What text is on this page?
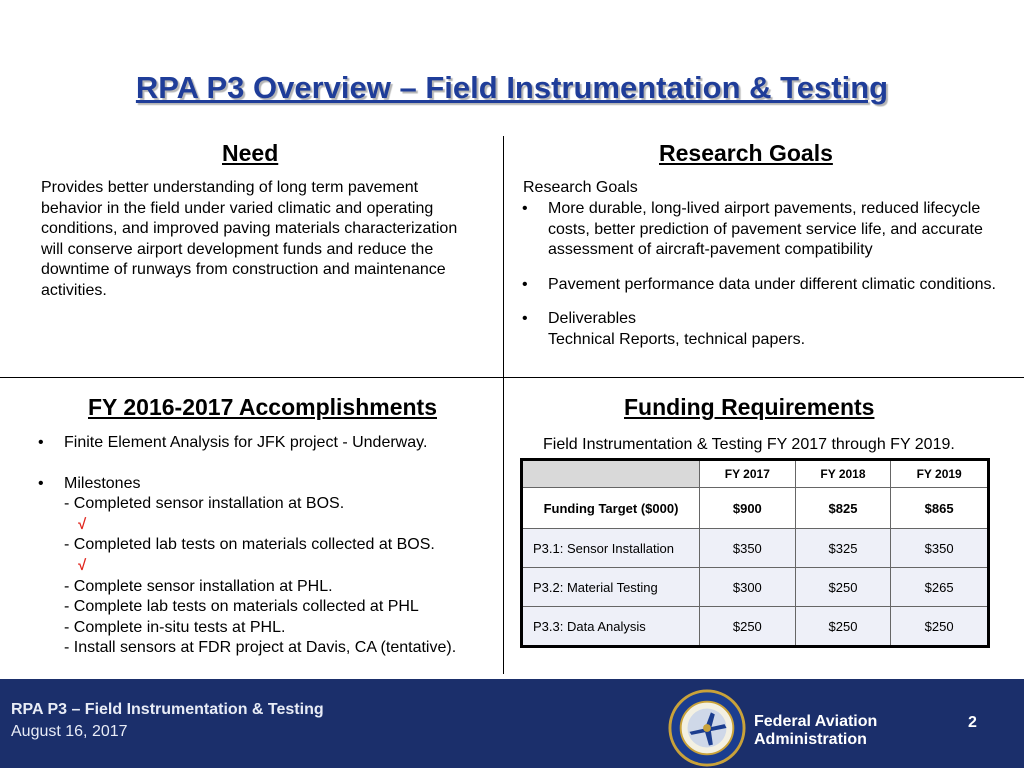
RPA P3 Overview – Field Instrumentation & Testing
Need
Provides better understanding of long term pavement behavior in the field under varied climatic and operating conditions, and improved paving materials characterization will conserve airport development funds and reduce the downtime of runways from construction and maintenance activities.
Research Goals
Research Goals
• More durable, long-lived airport pavements, reduced lifecycle costs, better prediction of pavement service life, and accurate assessment of aircraft-pavement compatibility
• Pavement performance data under different climatic conditions.
• Deliverables
Technical Reports, technical papers.
FY 2016-2017 Accomplishments
• Finite Element Analysis for JFK project - Underway.
• Milestones
- Completed sensor installation at BOS.
√
- Completed lab tests on materials collected at BOS.
√
- Complete sensor installation at PHL.
- Complete lab tests on materials collected at PHL
- Complete in-situ tests at PHL.
- Install sensors at FDR project at Davis, CA (tentative).
Funding Requirements
Field Instrumentation & Testing FY 2017 through FY 2019.
	FY 2017	FY 2018	FY 2019
Funding Target ($000)	$900	$825	$865
P3.1: Sensor Installation	$350	$325	$350
P3.2: Material Testing	$300	$250	$265
P3.3: Data Analysis	$250	$250	$250
RPA P3 – Field Instrumentation & Testing
August 16, 2017
Federal Aviation Administration
2
